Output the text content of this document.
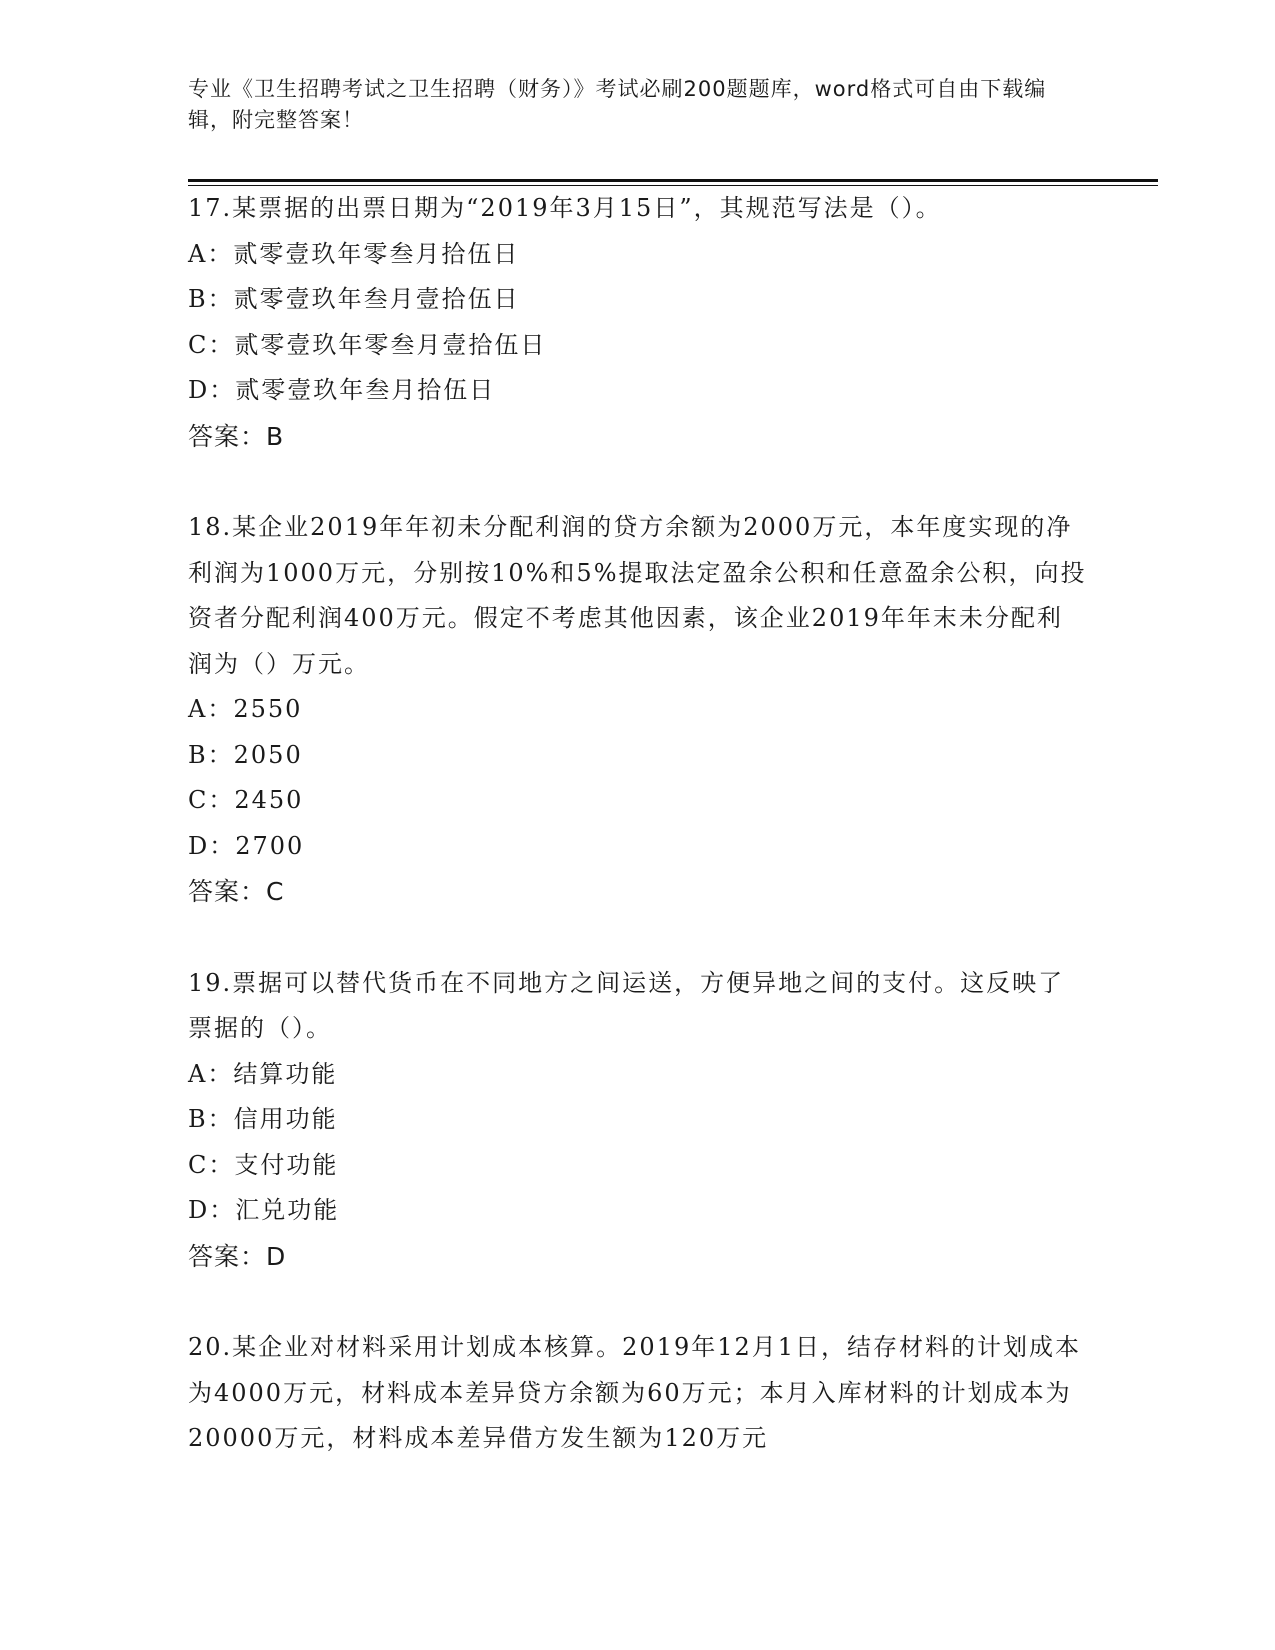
专业《卫生招聘考试之卫生招聘（财务）》考试必刷200题题库，word格式可自由下载编辑，附完整答案！

17.某票据的出票日期为“2019年3月15日”，其规范写法是（）。

A：贰零壹玖年零叁月拾伍日

B：贰零壹玖年叁月壹拾伍日

C：贰零壹玖年零叁月壹拾伍日

D：贰零壹玖年叁月拾伍日

答案：B

18.某企业2019年年初未分配利润的贷方余额为2000万元，本年度实现的净利润为1000万元，分别按10%和5%提取法定盈余公积和任意盈余公积，向投资者分配利润400万元。假定不考虑其他因素，该企业2019年年末未分配利润为（）万元。

A：2550

B：2050

C：2450

D：2700

答案：C

19.票据可以替代货币在不同地方之间运送，方便异地之间的支付。这反映了票据的（）。

A：结算功能

B：信用功能

C：支付功能

D：汇兑功能

答案：D

20.某企业对材料采用计划成本核算。2019年12月1日，结存材料的计划成本为4000万元，材料成本差异贷方余额为60万元；本月入库材料的计划成本为20000万元，材料成本差异借方发生额为120万元
